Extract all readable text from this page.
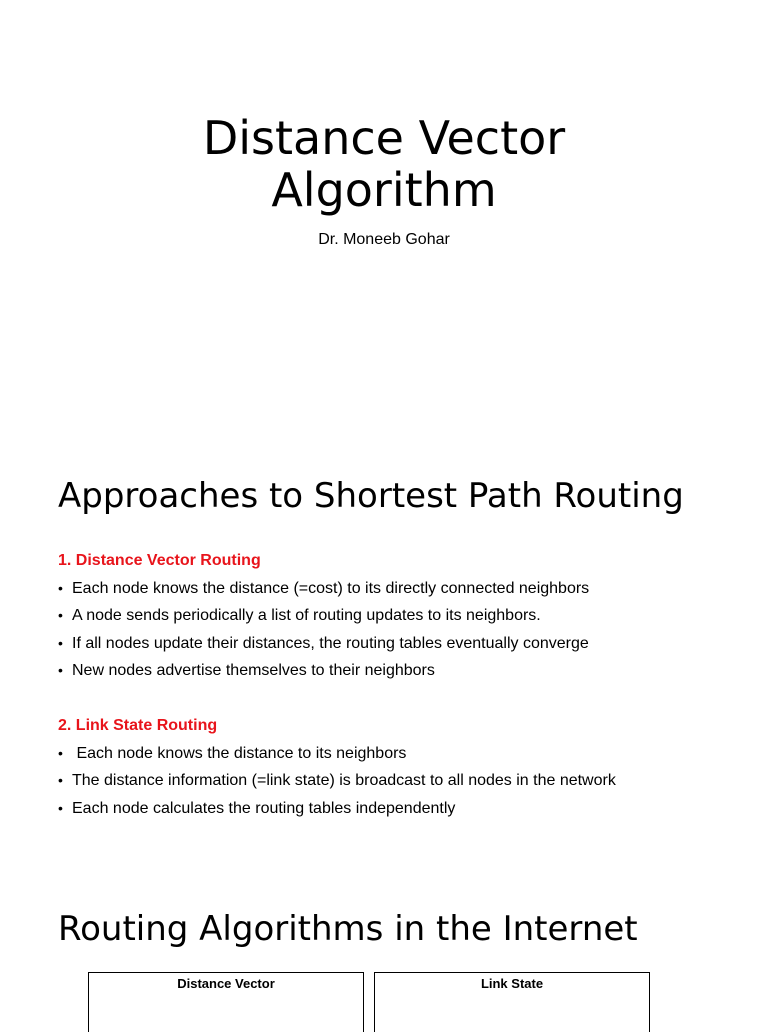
Distance Vector
Algorithm
Dr. Moneeb Gohar
Approaches to Shortest Path Routing
1. Distance Vector Routing
• Each node knows the distance (=cost) to its directly connected neighbors
• A node sends periodically a list of routing updates to its neighbors.
• If all nodes update their distances, the routing tables eventually converge
• New nodes advertise themselves to their neighbors
2. Link State Routing
• Each node knows the distance to its neighbors
• The distance information (=link state) is broadcast to all nodes in the network
• Each node calculates the routing tables independently
Routing Algorithms in the Internet
Distance Vector	Link State
